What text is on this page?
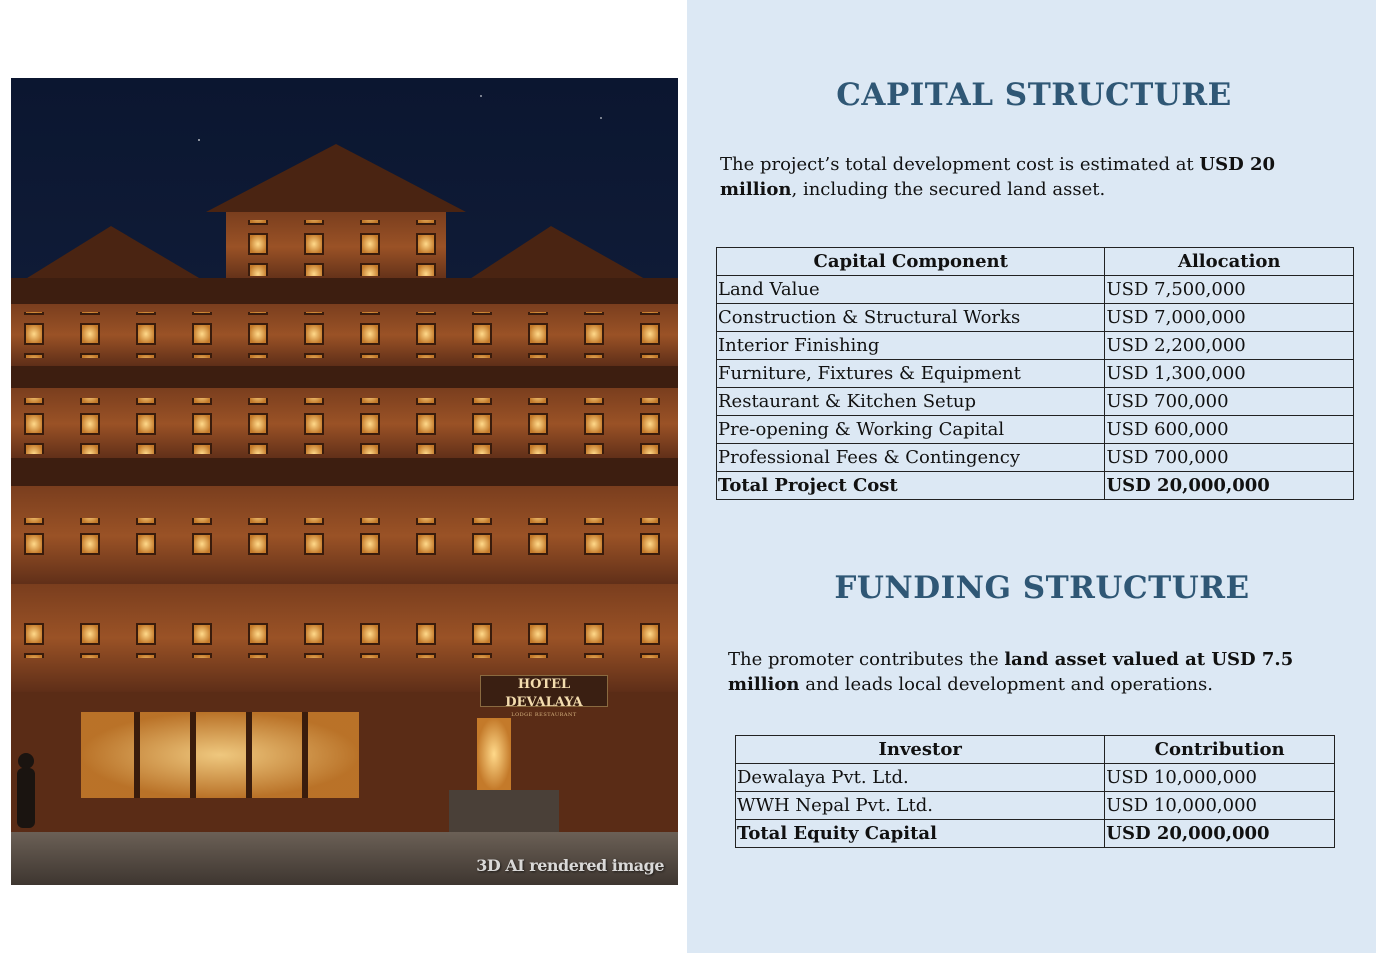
HOTEL DEVALAYA
LODGE RESTAURANT
3D AI rendered image
CAPITAL STRUCTURE

The project’s total development cost is estimated at USD 20 million, including the secured land asset.

Capital Component	Allocation
Land Value	USD 7,500,000
Construction & Structural Works	USD 7,000,000
Interior Finishing	USD 2,200,000
Furniture, Fixtures & Equipment	USD 1,300,000
Restaurant & Kitchen Setup	USD 700,000
Pre-opening & Working Capital	USD 600,000
Professional Fees & Contingency	USD 700,000
Total Project Cost	USD 20,000,000
FUNDING STRUCTURE

The promoter contributes the land asset valued at USD 7.5 million and leads local development and operations.

Investor	Contribution
Dewalaya Pvt. Ltd.	USD 10,000,000
WWH Nepal Pvt. Ltd.	USD 10,000,000
Total Equity Capital	USD 20,000,000
